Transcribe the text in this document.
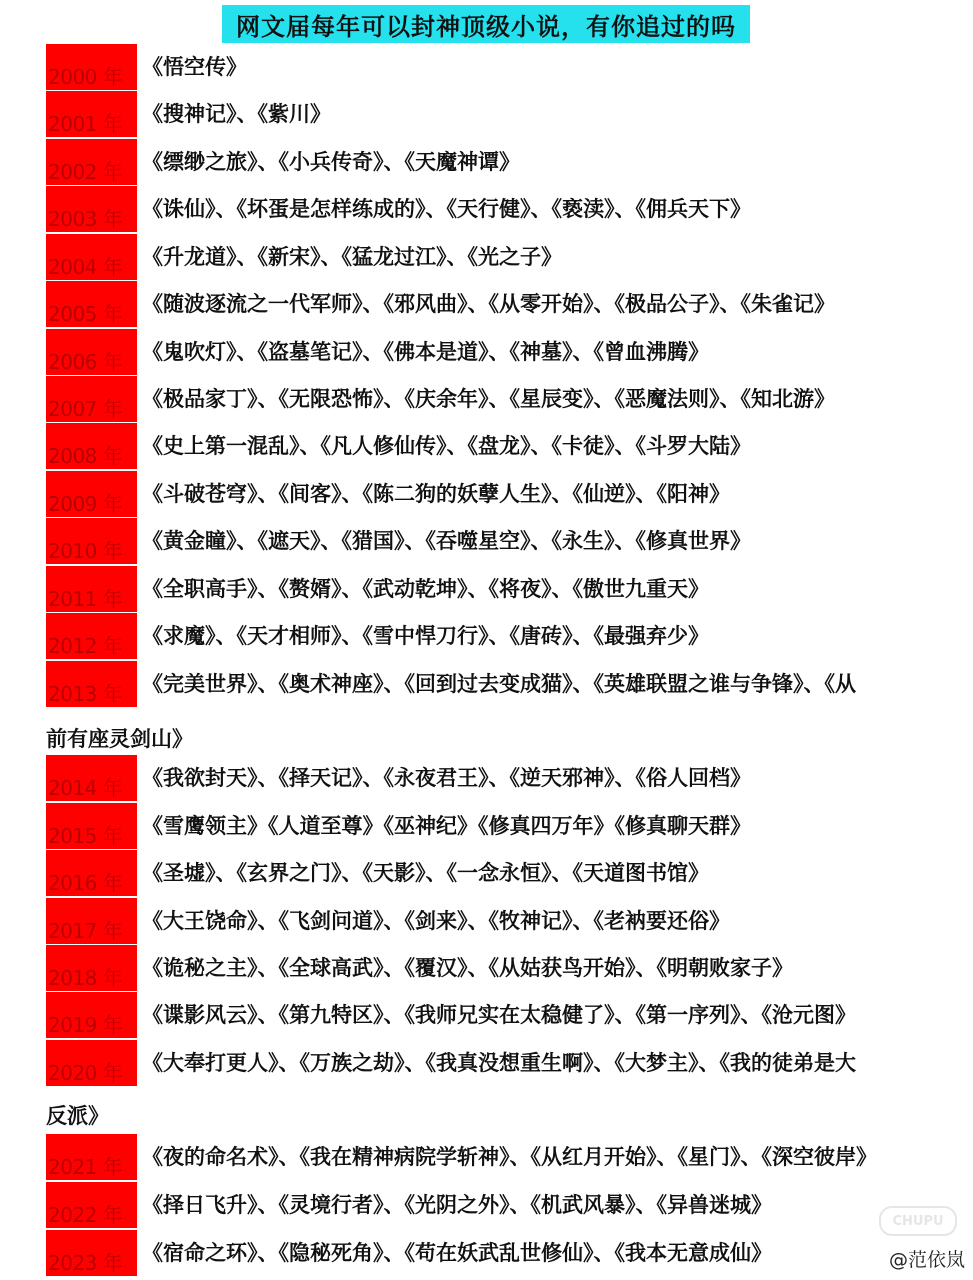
网文届每年可以封神顶级小说，有你追过的吗
2000 年 《悟空传》
2001 年 《搜神记》、《紫川》
2002 年 《缥缈之旅》、《小兵传奇》、《天魔神谭》
2003 年 《诛仙》、《坏蛋是怎样练成的》、《天行健》、《亵渎》、《佣兵天下》
2004 年 《升龙道》、《新宋》、《猛龙过江》、《光之子》
2005 年 《随波逐流之一代军师》、《邪风曲》、《从零开始》、《极品公子》、《朱雀记》
2006 年 《鬼吹灯》、《盗墓笔记》、《佛本是道》、《神墓》、《曾血沸腾》
2007 年 《极品家丁》、《无限恐怖》、《庆余年》、《星辰变》、《恶魔法则》、《知北游》
2008 年 《史上第一混乱》、《凡人修仙传》、《盘龙》、《卡徒》、《斗罗大陆》
2009 年 《斗破苍穹》、《间客》、《陈二狗的妖孽人生》、《仙逆》、《阳神》
2010 年 《黄金瞳》、《遮天》、《猎国》、《吞噬星空》、《永生》、《修真世界》
2011 年 《全职高手》、《赘婿》、《武动乾坤》、《将夜》、《傲世九重天》
2012 年 《求魔》、《天才相师》、《雪中悍刀行》、《唐砖》、《最强弃少》
2013 年 《完美世界》、《奥术神座》、《回到过去变成猫》、《英雄联盟之谁与争锋》、《从
前有座灵剑山》
2014 年 《我欲封天》、《择天记》、《永夜君王》、《逆天邪神》、《俗人回档》
2015 年 《雪鹰领主》《人道至尊》《巫神纪》《修真四万年》《修真聊天群》
2016 年 《圣墟》、《玄界之门》、《天影》、《一念永恒》、《天道图书馆》
2017 年 《大王饶命》、《飞剑问道》、《剑来》、《牧神记》、《老衲要还俗》
2018 年 《诡秘之主》、《全球高武》、《覆汉》、《从姑获鸟开始》、《明朝败家子》
2019 年 《谍影风云》、《第九特区》、《我师兄实在太稳健了》、《第一序列》、《沧元图》
2020 年 《大奉打更人》、《万族之劫》、《我真没想重生啊》、《大梦主》、《我的徒弟是大
反派》
2021 年 《夜的命名术》、《我在精神病院学斩神》、《从红月开始》、《星门》、《深空彼岸》
2022 年 《择日飞升》、《灵境行者》、《光阴之外》、《机武风暴》、《异兽迷城》
2023 年 《宿命之环》、《隐秘死角》、《苟在妖武乱世修仙》、《我本无意成仙》
CHUPU
@范依岚
